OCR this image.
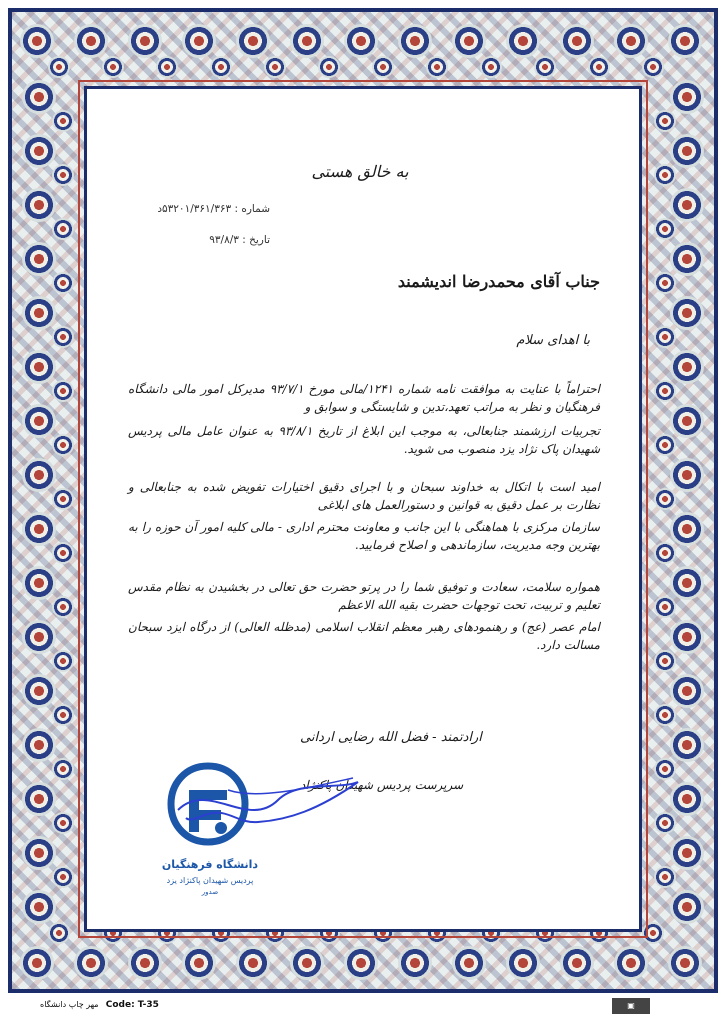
به خالق هستی
شماره : ۵۳۲۰۱/۳۶۱/۳۶۳د
تاریخ : ۹۳/۸/۳
جناب آقای محمدرضا اندیشمند
با اهدای سلام
احتراماً با عنایت به موافقت نامه شماره ۱۲۴۱/مالی مورخ ۹۳/۷/۱ مدیرکل امور مالی دانشگاه فرهنگیان و نظر به مراتب تعهد،تدین و شایستگی و سوابق و
تجربیات ارزشمند جنابعالی، به موجب این ابلاغ از تاریخ ۹۳/۸/۱ به عنوان عامل مالی پردیس شهیدان پاک نژاد یزد منصوب می شوید.
امید است با اتکال به خداوند سبحان و با اجرای دقیق اختیارات تفویض شده به جنابعالی و نظارت بر عمل دقیق به قوانین و دستورالعمل های ابلاغی
سازمان مرکزی با هماهنگی با این جانب و معاونت محترم اداری - مالی کلیه امور آن حوزه را به بهترین وجه مدیریت، سازماندهی و اصلاح فرمایید.
همواره سلامت، سعادت و توفیق شما را در پرتو حضرت حق تعالی در بخشیدن به نظام مقدس تعلیم و تربیت، تحت توجهات حضرت بقیه الله الاعظم
امام عصر (عج) و رهنمودهای رهبر معظم انقلاب اسلامی (مدظله العالی) از درگاه ایزد سبحان مسالت دارد.
ارادتمند - فضل الله رضایی اردانی
سرپرست پردیس شهیدان پاکنژاد
دانشگاه فرهنگیان
پردیس شهیدان پاکنژاد یزد
صدور
مهر چاپ دانشگاه Code: T-35	▣
